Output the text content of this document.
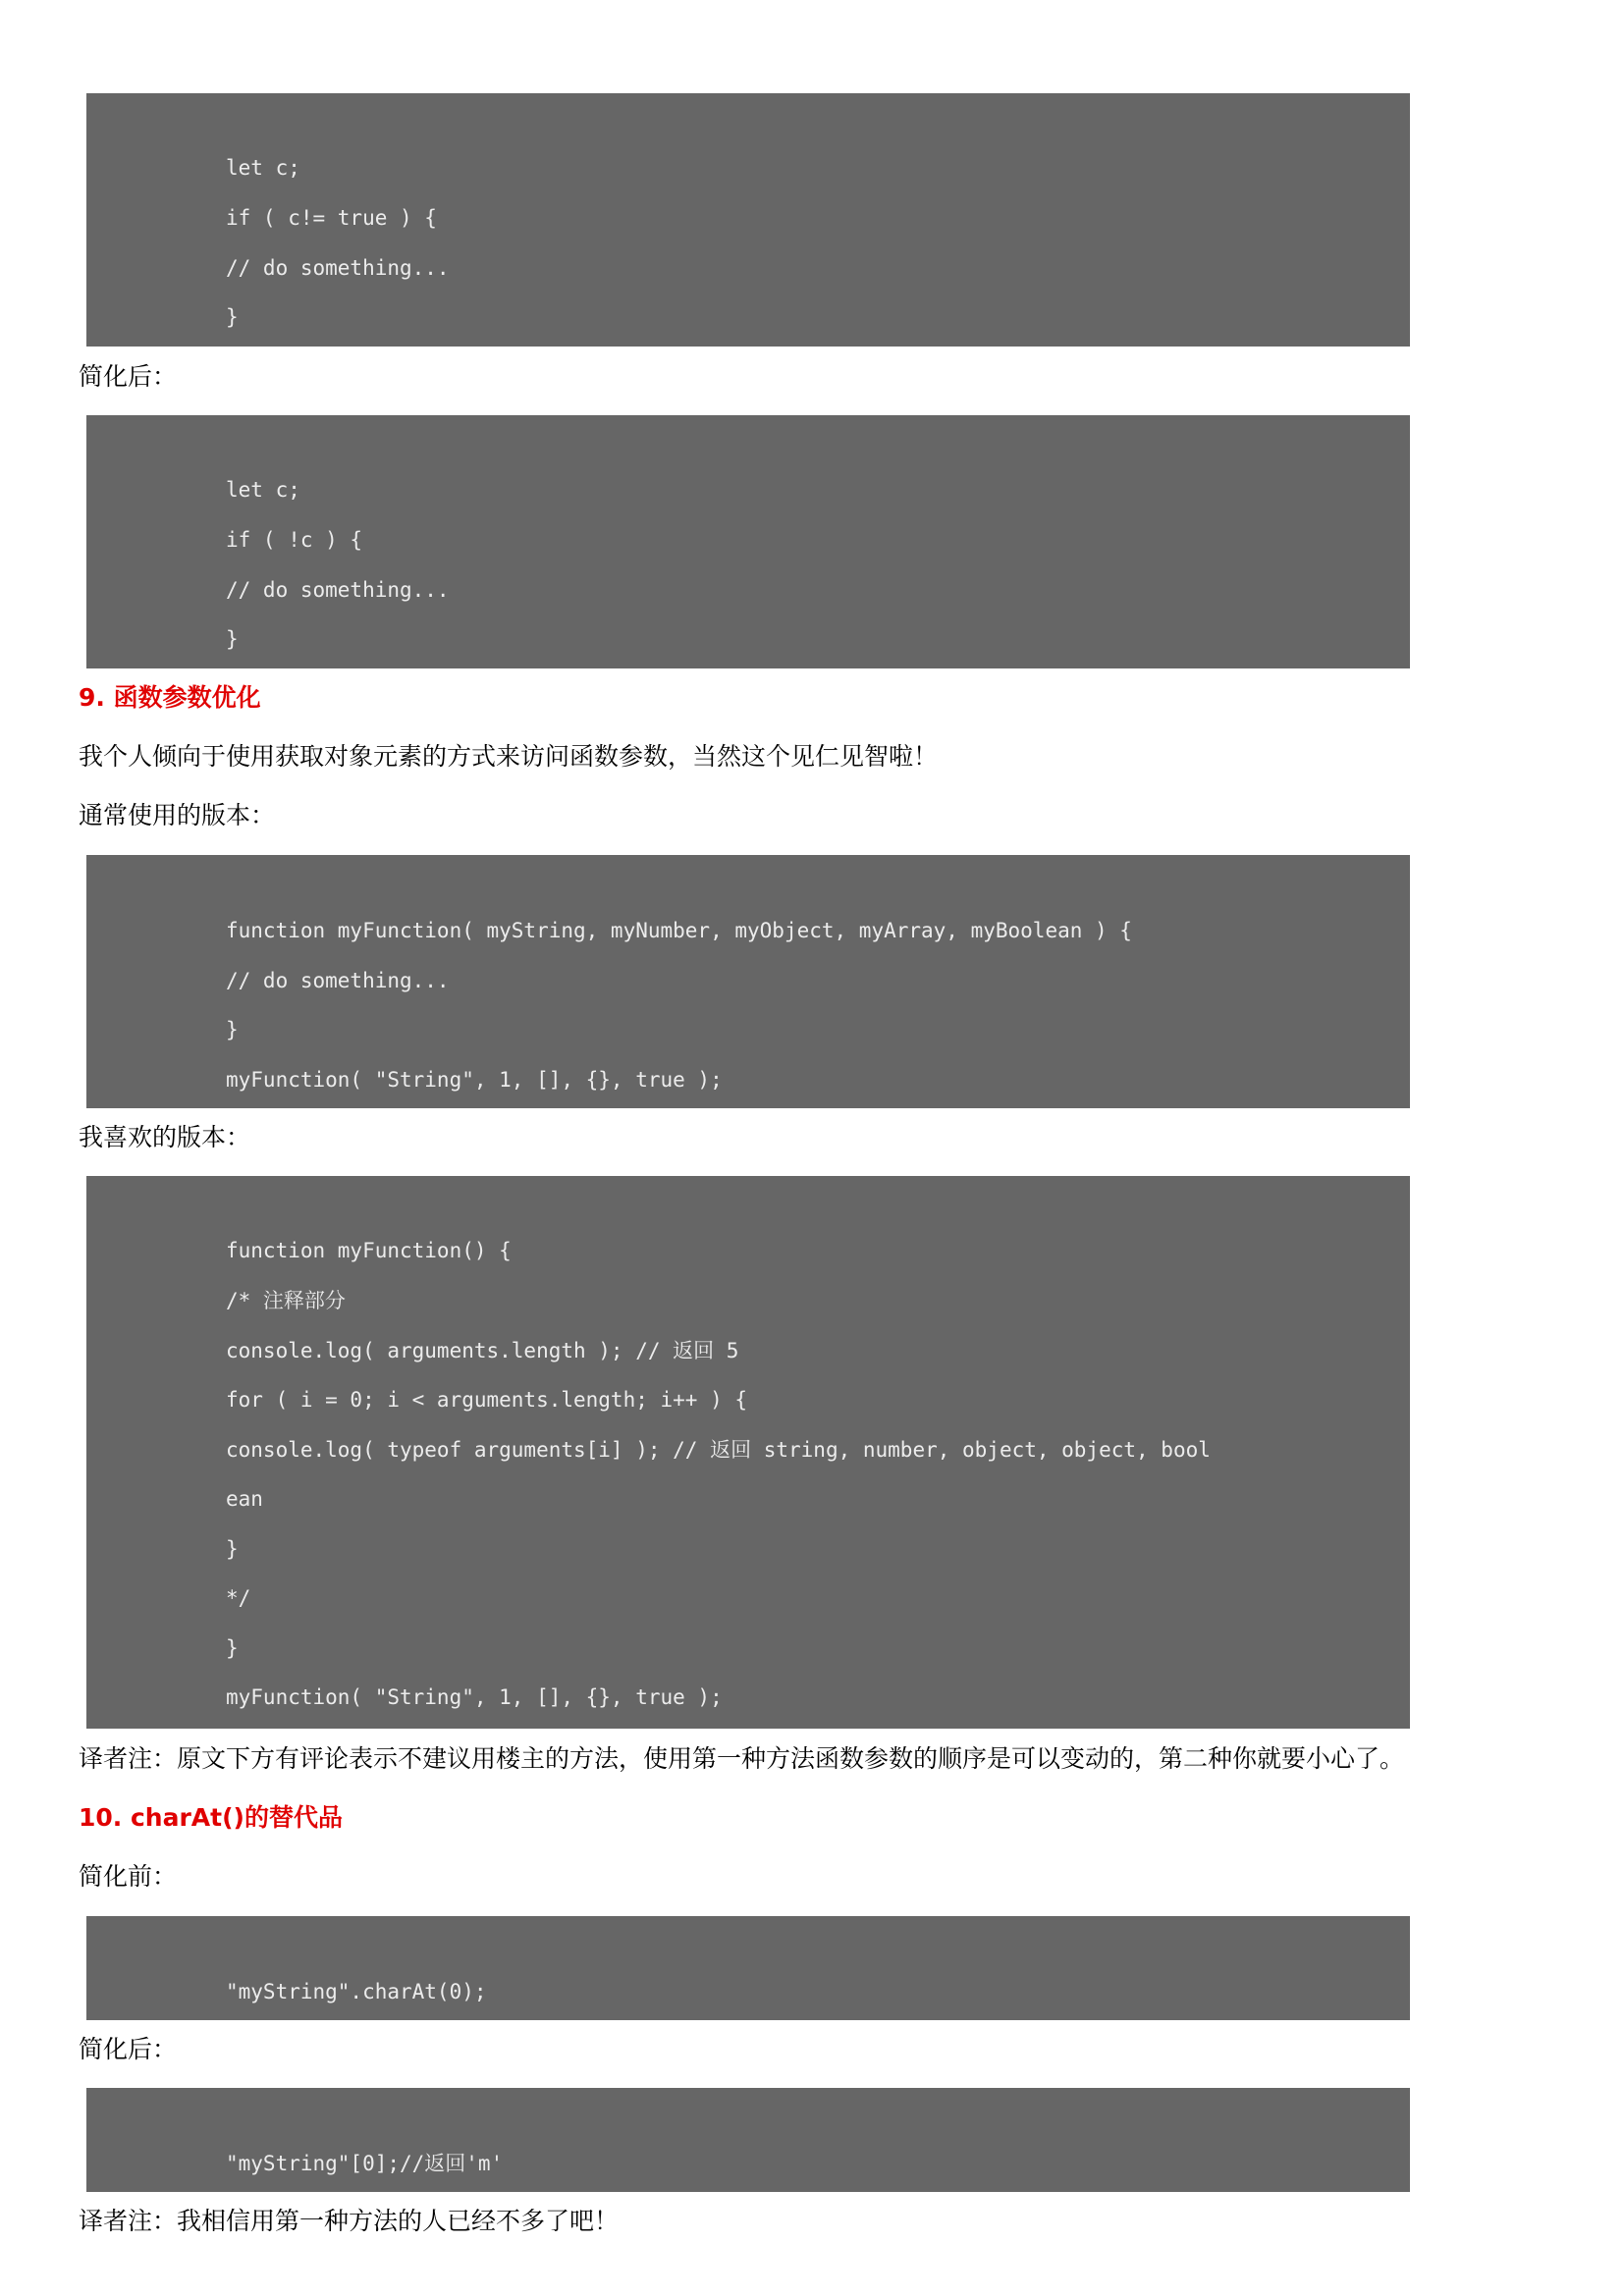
let c;
if ( c!= true ) {
// do something...
}
简化后：
let c;
if ( !c ) {
// do something...
}
9. 函数参数优化
我个人倾向于使用获取对象元素的方式来访问函数参数，当然这个见仁见智啦！
通常使用的版本：
function myFunction( myString, myNumber, myObject, myArray, myBoolean ) {
// do something...
}
myFunction( "String", 1, [], {}, true );
我喜欢的版本：
function myFunction() {
/* 注释部分
console.log( arguments.length ); // 返回 5
for ( i = 0; i < arguments.length; i++ ) {
console.log( typeof arguments[i] ); // 返回 string, number, object, object, bool
ean
}
*/
}
myFunction( "String", 1, [], {}, true );
译者注：原文下方有评论表示不建议用楼主的方法，使用第一种方法函数参数的顺序是可以变动的，第二种你就要小心了。
10. charAt()的替代品
简化前：
"myString".charAt(0);
简化后：
"myString"[0];//返回'm'
译者注：我相信用第一种方法的人已经不多了吧！
